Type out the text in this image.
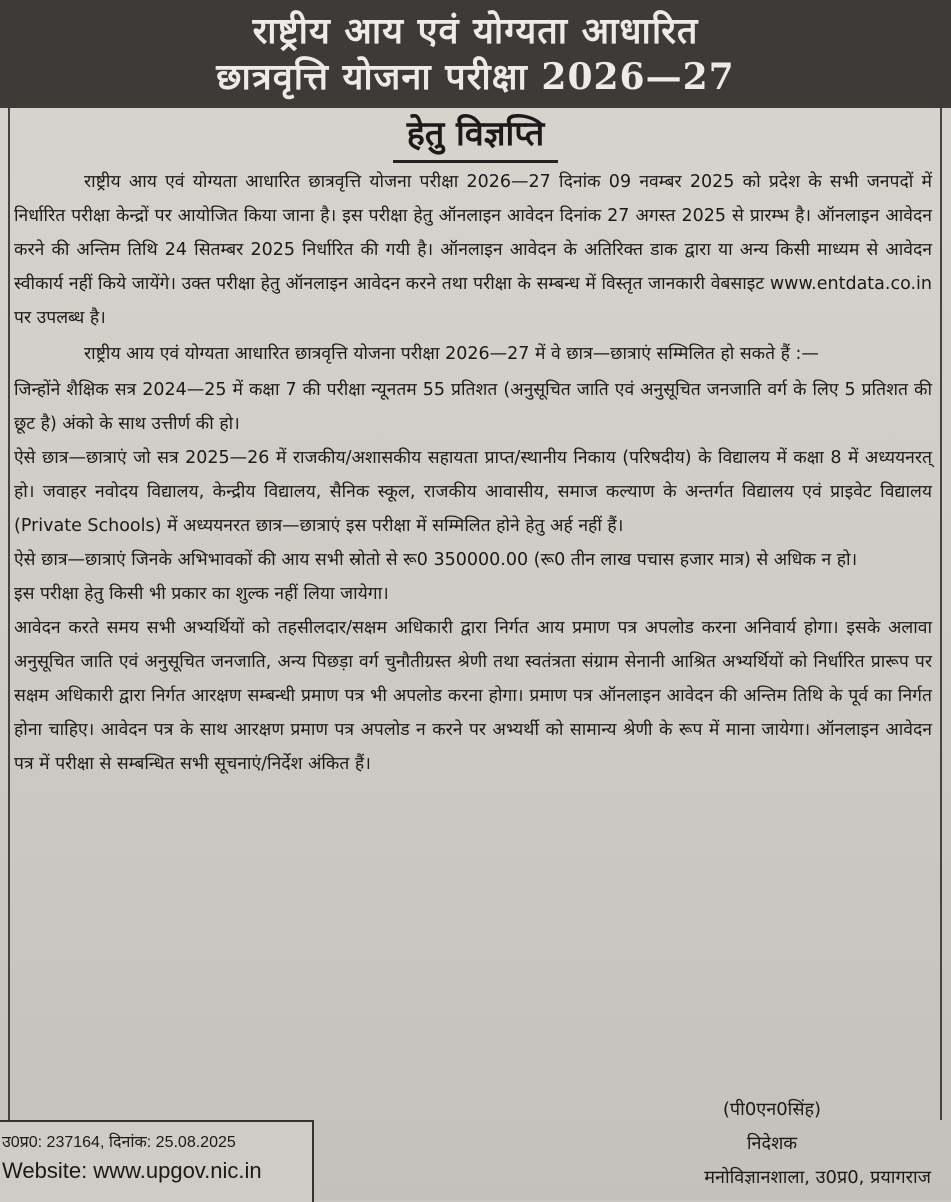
राष्ट्रीय आय एवं योग्यता आधारित
छात्रवृत्ति योजना परीक्षा 2026—27
हेतु विज्ञप्ति

राष्ट्रीय आय एवं योग्यता आधारित छात्रवृत्ति योजना परीक्षा 2026—27 दिनांक 09 नवम्बर 2025 को प्रदेश के सभी जनपदों में निर्धारित परीक्षा केन्द्रों पर आयोजित किया जाना है। इस परीक्षा हेतु ऑनलाइन आवेदन दिनांक 27 अगस्त 2025 से प्रारम्भ है। ऑनलाइन आवेदन करने की अन्तिम तिथि 24 सितम्बर 2025 निर्धारित की गयी है। ऑनलाइन आवेदन के अतिरिक्त डाक द्वारा या अन्य किसी माध्यम से आवेदन स्वीकार्य नहीं किये जायेंगे। उक्त परीक्षा हेतु ऑनलाइन आवेदन करने तथा परीक्षा के सम्बन्ध में विस्तृत जानकारी वेबसाइट www.entdata.co.in पर उपलब्ध है।

राष्ट्रीय आय एवं योग्यता आधारित छात्रवृत्ति योजना परीक्षा 2026—27 में वे छात्र—छात्राएं सम्मिलित हो सकते हैं :—

जिन्होंने शैक्षिक सत्र 2024—25 में कक्षा 7 की परीक्षा न्यूनतम 55 प्रतिशत (अनुसूचित जाति एवं अनुसूचित जनजाति वर्ग के लिए 5 प्रतिशत की छूट है) अंको के साथ उत्तीर्ण की हो।

ऐसे छात्र—छात्राएं जो सत्र 2025—26 में राजकीय/अशासकीय सहायता प्राप्त/स्थानीय निकाय (परिषदीय) के विद्यालय में कक्षा 8 में अध्ययनरत् हो। जवाहर नवोदय विद्यालय, केन्द्रीय विद्यालय, सैनिक स्कूल, राजकीय आवासीय, समाज कल्याण के अन्तर्गत विद्यालय एवं प्राइवेट विद्यालय (Private Schools) में अध्ययनरत छात्र—छात्राएं इस परीक्षा में सम्मिलित होने हेतु अर्ह नहीं हैं।

ऐसे छात्र—छात्राएं जिनके अभिभावकों की आय सभी स्रोतो से रू0 350000.00 (रू0 तीन लाख पचास हजार मात्र) से अधिक न हो।

इस परीक्षा हेतु किसी भी प्रकार का शुल्क नहीं लिया जायेगा।

आवेदन करते समय सभी अभ्यर्थियों को तहसीलदार/सक्षम अधिकारी द्वारा निर्गत आय प्रमाण पत्र अपलोड करना अनिवार्य होगा। इसके अलावा अनुसूचित जाति एवं अनुसूचित जनजाति, अन्य पिछड़ा वर्ग चुनौतीग्रस्त श्रेणी तथा स्वतंत्रता संग्राम सेनानी आश्रित अभ्यर्थियों को निर्धारित प्रारूप पर सक्षम अधिकारी द्वारा निर्गत आरक्षण सम्बन्धी प्रमाण पत्र भी अपलोड करना होगा। प्रमाण पत्र ऑनलाइन आवेदन की अन्तिम तिथि के पूर्व का निर्गत होना चाहिए। आवेदन पत्र के साथ आरक्षण प्रमाण पत्र अपलोड न करने पर अभ्यर्थी को सामान्य श्रेणी के रूप में माना जायेगा। ऑनलाइन आवेदन पत्र में परीक्षा से सम्बन्धित सभी सूचनाएं/निर्देश अंकित हैं।

(पी0एन0सिंह)
निदेशक
मनोविज्ञानशाला, उ0प्र0, प्रयागराज
उ0प्र0: 237164, दिनांक: 25.08.2025
Website: www.upgov.nic.in
